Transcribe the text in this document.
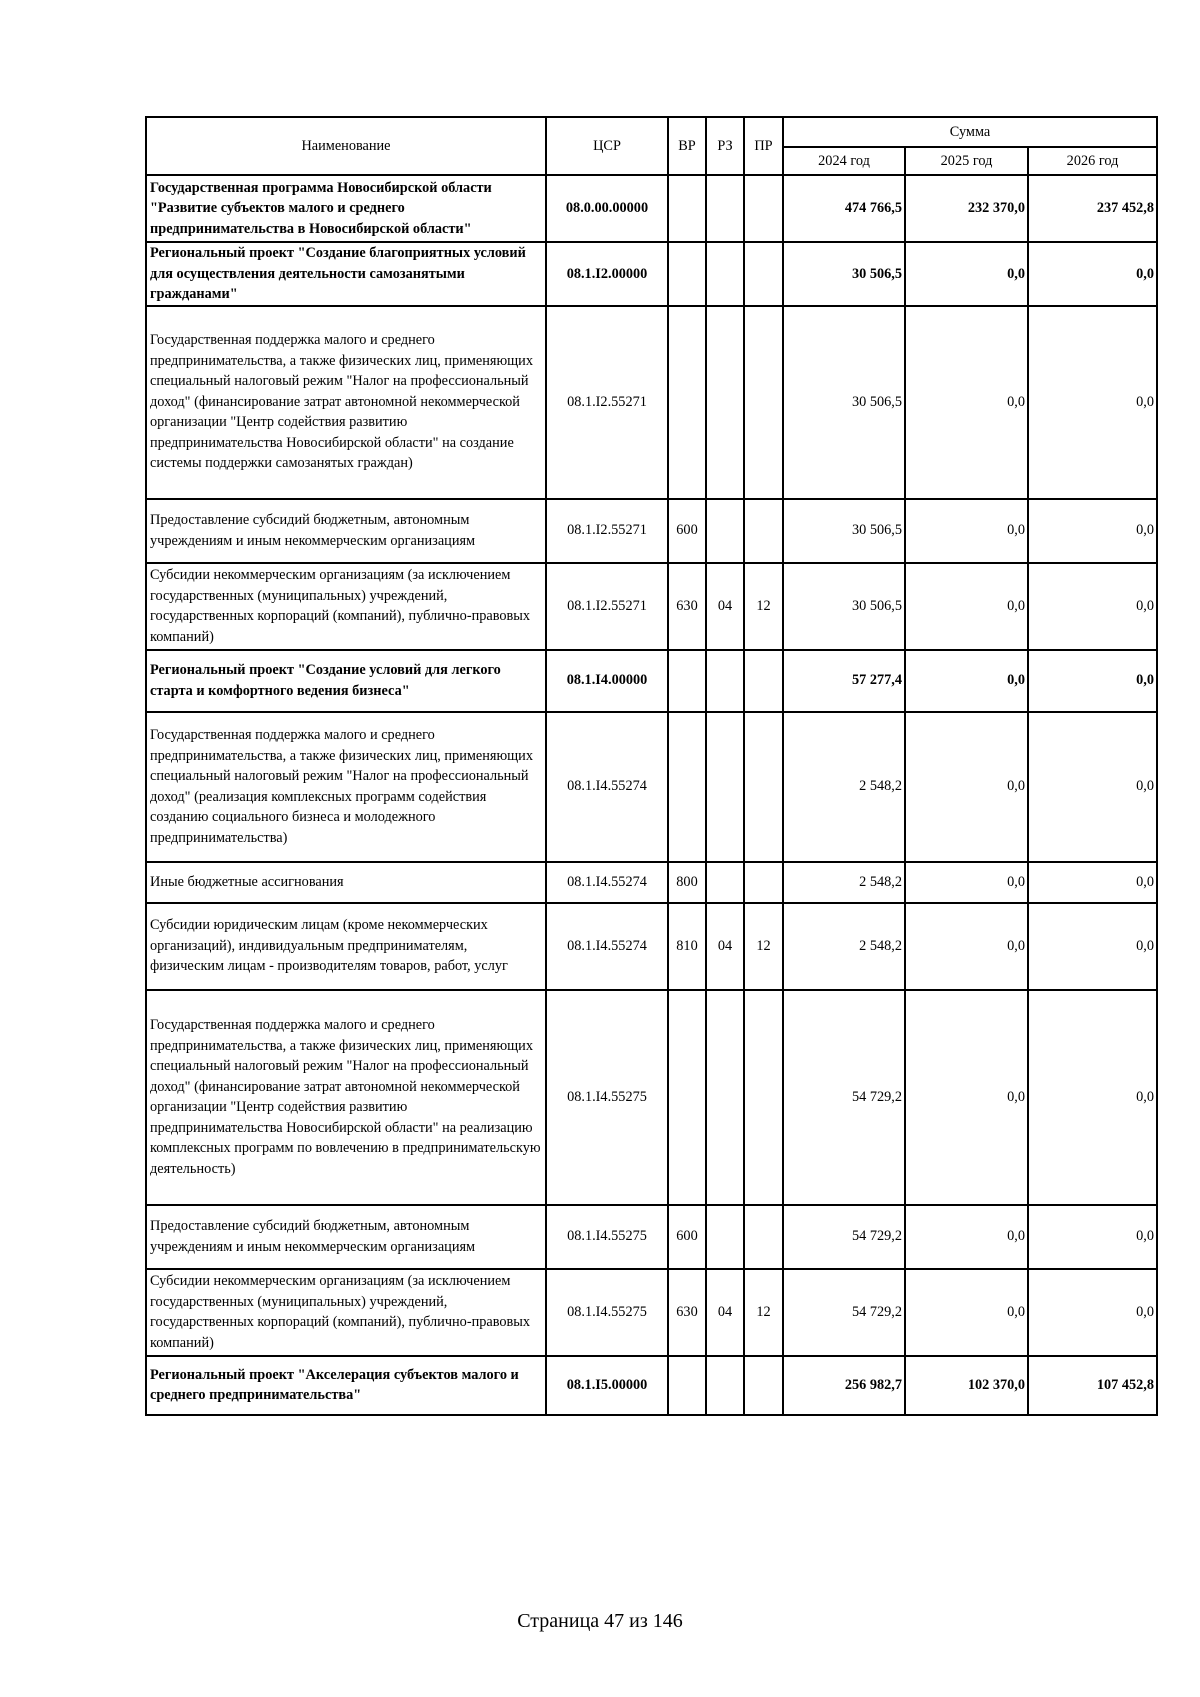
Наименование	ЦСР	ВР	РЗ	ПР	Сумма		
					2024 год	2025 год	2026 год
Государственная программа Новосибирской области "Развитие субъектов малого и среднего предпринимательства в Новосибирской области"	08.0.00.00000				474 766,5	232 370,0	237 452,8
Региональный проект "Создание благоприятных условий для осуществления деятельности самозанятыми гражданами"	08.1.I2.00000				30 506,5	0,0	0,0
Государственная поддержка малого и среднего предпринимательства, а также физических лиц, применяющих специальный налоговый режим "Налог на профессиональный доход" (финансирование затрат автономной некоммерческой организации "Центр содействия развитию предпринимательства Новосибирской области" на создание системы поддержки самозанятых граждан)	08.1.I2.55271				30 506,5	0,0	0,0
Предоставление субсидий бюджетным, автономным учреждениям и иным некоммерческим организациям	08.1.I2.55271	600			30 506,5	0,0	0,0
Субсидии некоммерческим организациям (за исключением государственных (муниципальных) учреждений, государственных корпораций (компаний), публично-правовых компаний)	08.1.I2.55271	630	04	12	30 506,5	0,0	0,0
Региональный проект "Создание условий для легкого старта и комфортного ведения бизнеса"	08.1.I4.00000				57 277,4	0,0	0,0
Государственная поддержка малого и среднего предпринимательства, а также физических лиц, применяющих специальный налоговый режим "Налог на профессиональный доход" (реализация комплексных программ содействия созданию социального бизнеса и молодежного предпринимательства)	08.1.I4.55274				2 548,2	0,0	0,0
Иные бюджетные ассигнования	08.1.I4.55274	800			2 548,2	0,0	0,0
Субсидии юридическим лицам (кроме некоммерческих организаций), индивидуальным предпринимателям, физическим лицам - производителям товаров, работ, услуг	08.1.I4.55274	810	04	12	2 548,2	0,0	0,0
Государственная поддержка малого и среднего предпринимательства, а также физических лиц, применяющих специальный налоговый режим "Налог на профессиональный доход" (финансирование затрат автономной некоммерческой организации "Центр содействия развитию предпринимательства Новосибирской области" на реализацию комплексных программ по вовлечению в предпринимательскую деятельность)	08.1.I4.55275				54 729,2	0,0	0,0
Предоставление субсидий бюджетным, автономным учреждениям и иным некоммерческим организациям	08.1.I4.55275	600			54 729,2	0,0	0,0
Субсидии некоммерческим организациям (за исключением государственных (муниципальных) учреждений, государственных корпораций (компаний), публично-правовых компаний)	08.1.I4.55275	630	04	12	54 729,2	0,0	0,0
Региональный проект "Акселерация субъектов малого и среднего предпринимательства"	08.1.I5.00000				256 982,7	102 370,0	107 452,8
Страница 47 из 146
